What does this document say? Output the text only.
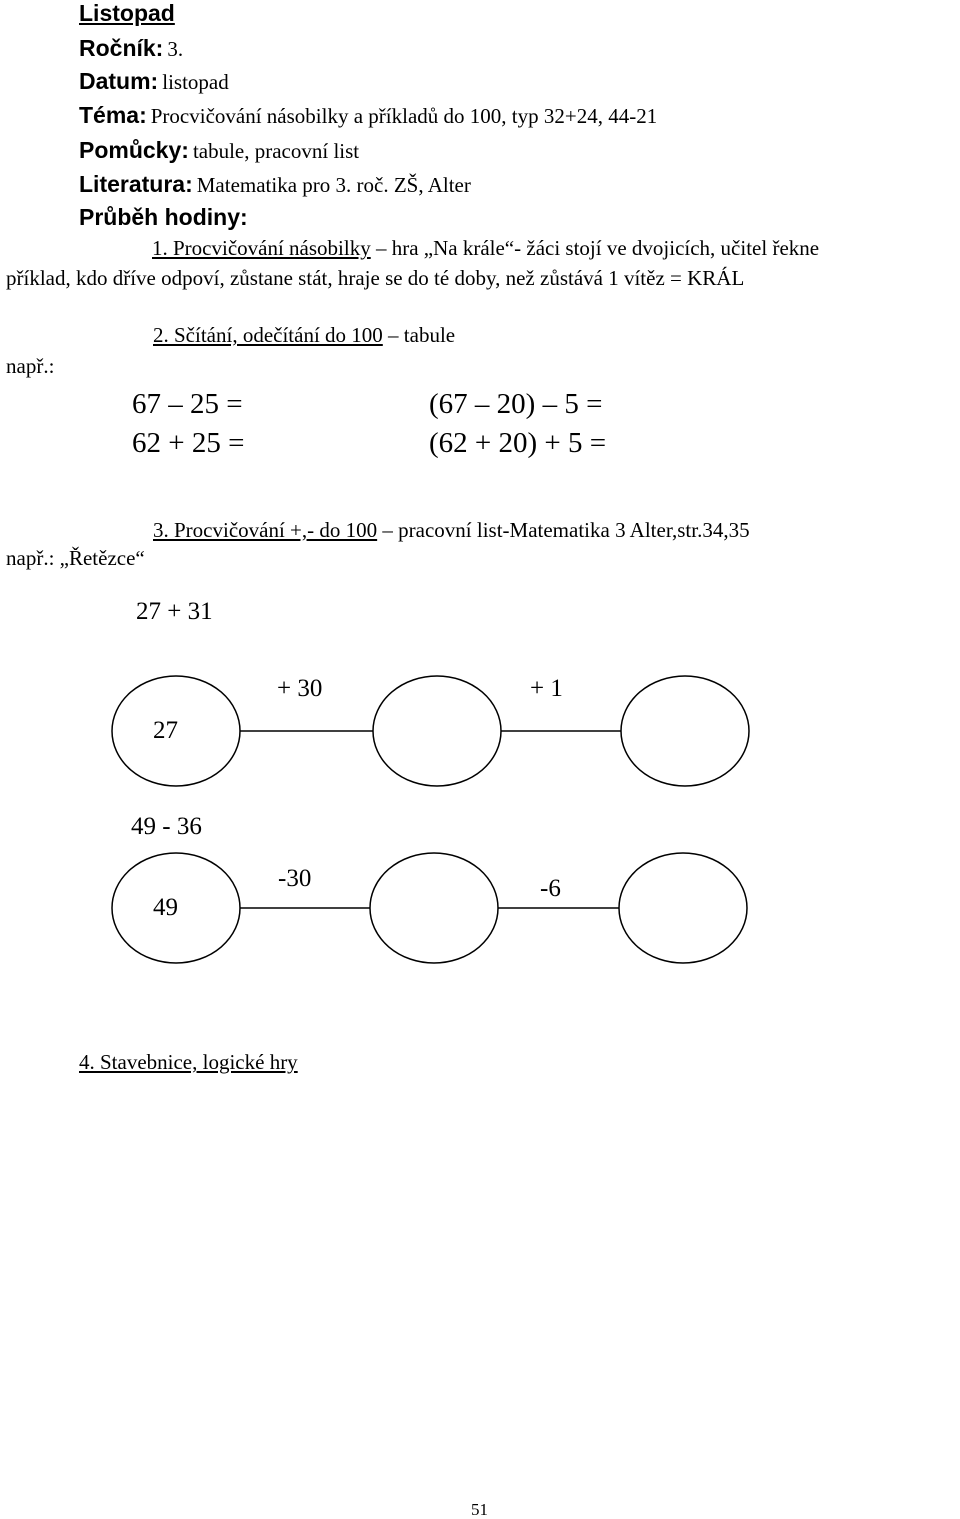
Listopad
Ročník: 3.
Datum: listopad
Téma: Procvičování násobilky a příkladů do 100, typ 32+24, 44-21
Pomůcky: tabule, pracovní list
Literatura: Matematika pro 3. roč. ZŠ, Alter
Průběh hodiny:
1. Procvičování násobilky – hra „Na krále“- žáci stojí ve dvojicích, učitel řekne
příklad, kdo dříve odpoví, zůstane stát, hraje se do té doby, než zůstává 1 vítěz = KRÁL
2. Sčítání, odečítání do 100 – tabule
např.:
67 – 25 =	(67 – 20) – 5 =
62 + 25 =	(62 + 20) + 5 =
3. Procvičování +,- do 100 – pracovní list-Matematika 3 Alter,str.34,35
např.: „Řetězce“
27 + 31
27
+ 30	+ 1
49 - 36
49
-30	-6
4. Stavebnice, logické hry
51
